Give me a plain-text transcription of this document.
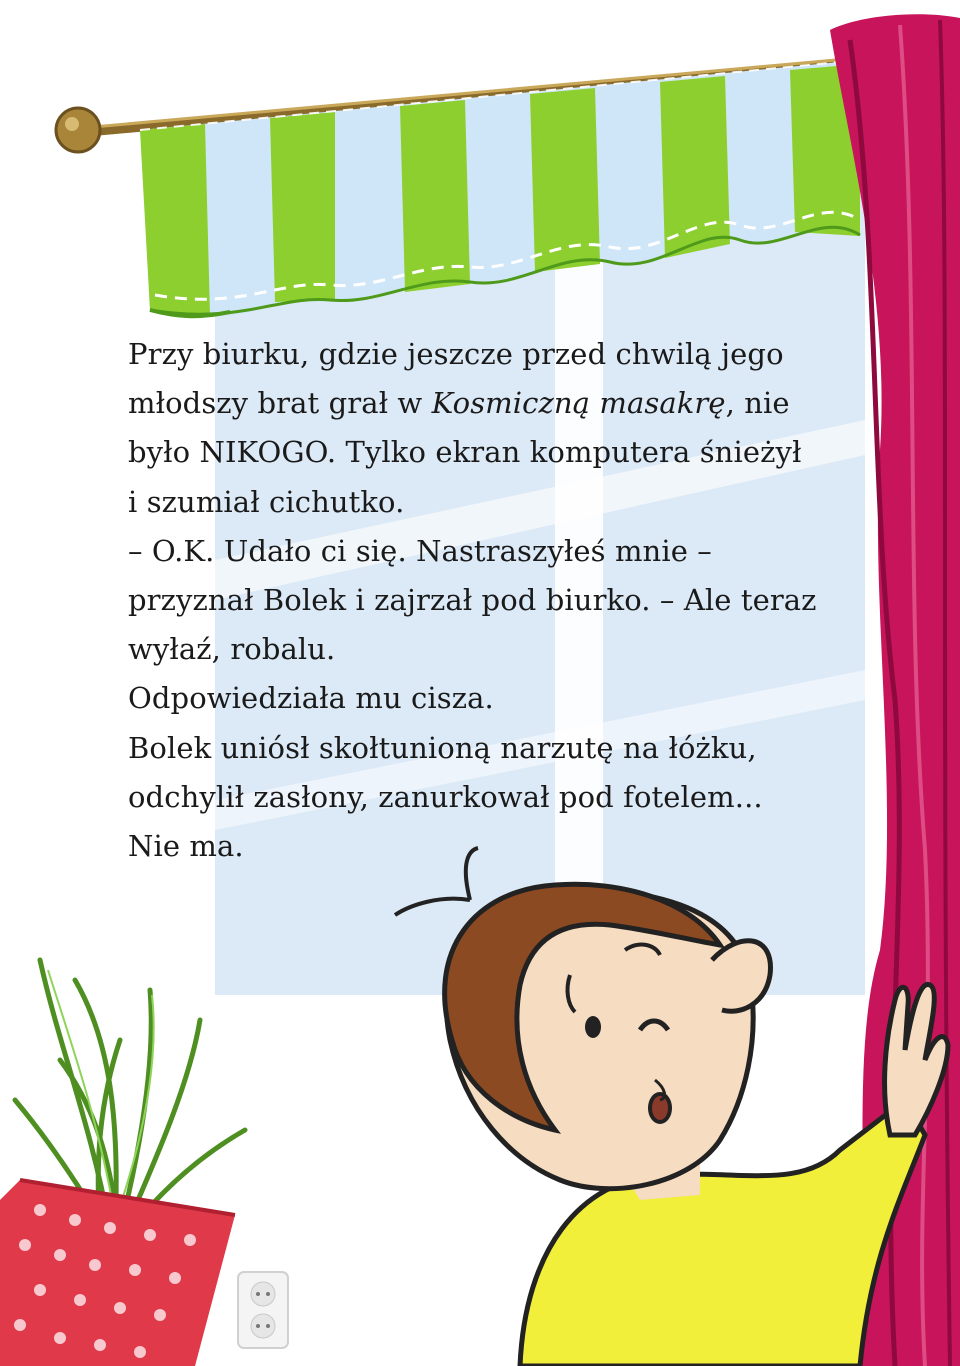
Przy biurku, gdzie jeszcze przed chwilą jego
młodszy brat grał w Kosmiczną masakrę, nie
było NIKOGO. Tylko ekran komputera śnieżył
i szumiał cichutko.
– O.K. Udało ci się. Nastraszyłeś mnie –
przyznał Bolek i zajrzał pod biurko. – Ale teraz
wyłaź, robalu.
Odpowiedziała mu cisza.
Bolek uniósł skołtunioną narzutę na łóżku,
odchylił zasłony, zanurkował pod fotelem...
Nie ma.
